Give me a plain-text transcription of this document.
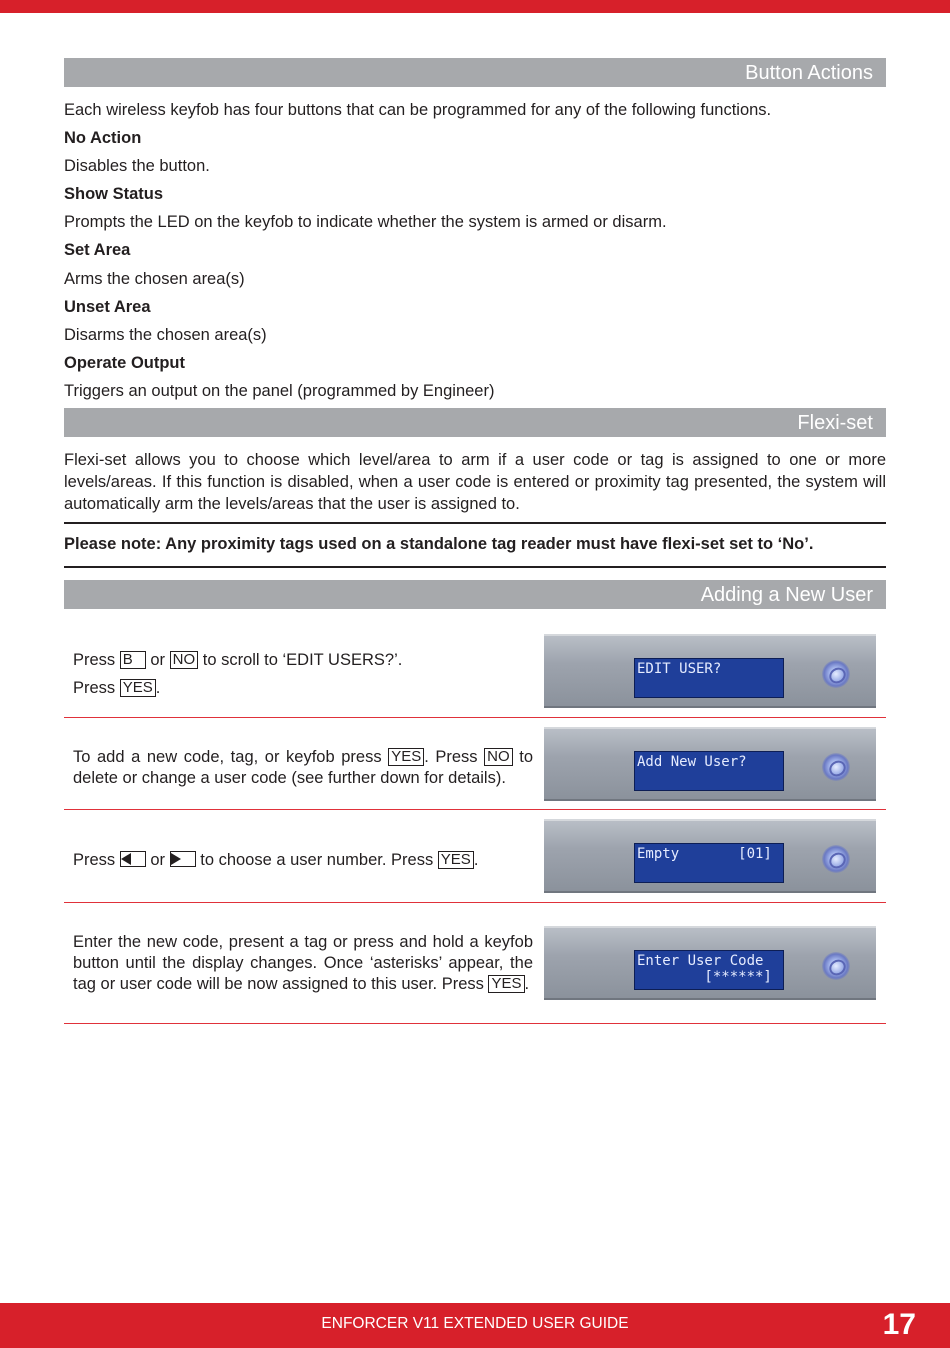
Button Actions
Each wireless keyfob has four buttons that can be programmed for any of the following functions.
No Action
Disables the button.
Show Status
Prompts the LED on the keyfob to indicate whether the system is armed or disarm.
Set Area
Arms the chosen area(s)
Unset Area
Disarms the chosen area(s)
Operate Output
Triggers an output on the panel (programmed by Engineer)
Flexi-set
Flexi-set allows you to choose which level/area to arm if a user code or tag is assigned to one or more levels/areas. If this function is disabled, when a user code is entered or proximity tag presented, the system will automatically arm the levels/areas that the user is assigned to.
Please note: Any proximity tags used on a standalone tag reader must have flexi-set set to ‘No’.
Adding a New User
Press B or NO to scroll to ‘EDIT USERS?’.
Press YES .
EDIT USER?
To add a new code, tag, or keyfob press YES . Press NO to delete or change a user code (see further down for details).
Add New User?
Press or to choose a user number. Press YES .	Empty       [01]
Enter the new code, present a tag or press and hold a keyfob button until the display changes. Once ‘asterisks’ appear, the tag or user code will be now assigned to this user. Press YES .
Enter User Code
[******]
ENFORCER V11 EXTENDED USER GUIDE	17
